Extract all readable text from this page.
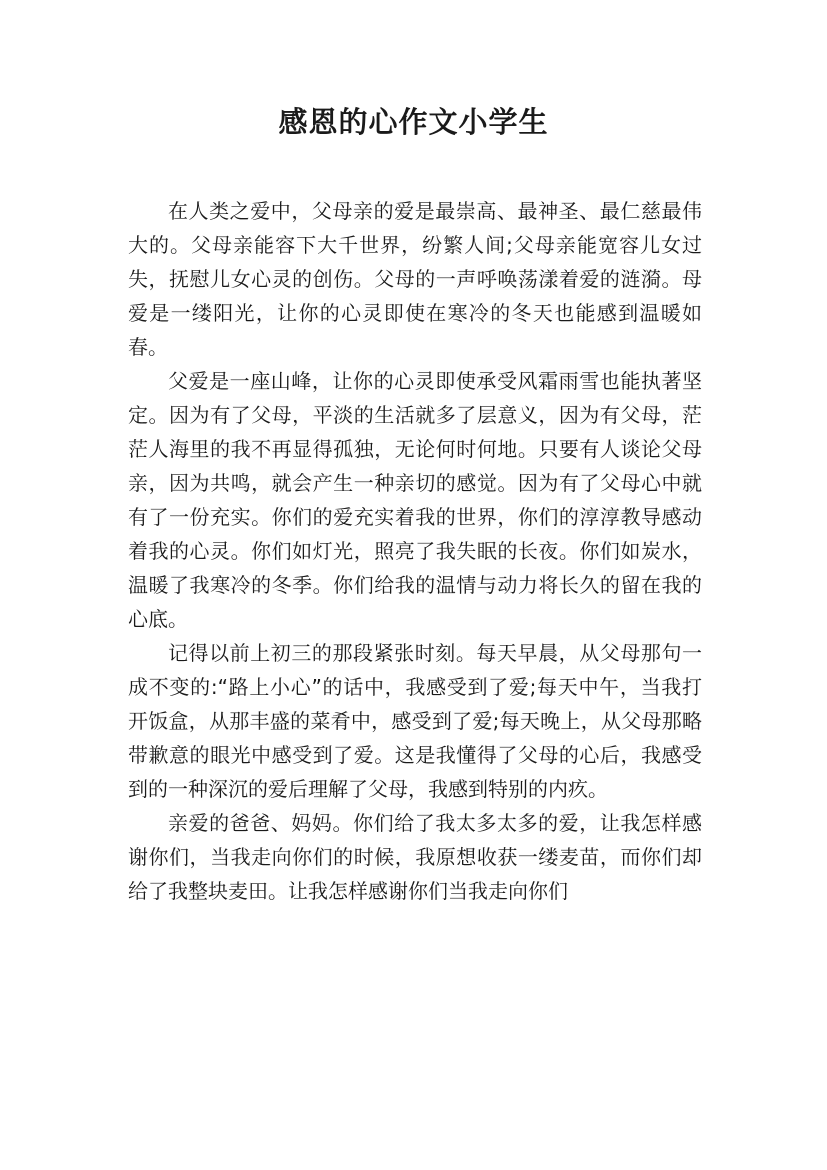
感恩的心作文小学生

在人类之爱中，父母亲的爱是最崇高、最神圣、最仁慈最伟大的。父母亲能容下大千世界，纷繁人间;父母亲能宽容儿女过失，抚慰儿女心灵的创伤。父母的一声呼唤荡漾着爱的涟漪。母爱是一缕阳光，让你的心灵即使在寒冷的冬天也能感到温暖如春。

父爱是一座山峰，让你的心灵即使承受风霜雨雪也能执著坚定。因为有了父母，平淡的生活就多了层意义，因为有父母，茫茫人海里的我不再显得孤独，无论何时何地。只要有人谈论父母亲，因为共鸣，就会产生一种亲切的感觉。因为有了父母心中就有了一份充实。你们的爱充实着我的世界，你们的淳淳教导感动着我的心灵。你们如灯光，照亮了我失眠的长夜。你们如炭水，温暖了我寒冷的冬季。你们给我的温情与动力将长久的留在我的心底。

记得以前上初三的那段紧张时刻。每天早晨，从父母那句一成不变的:“路上小心”的话中，我感受到了爱;每天中午，当我打开饭盒，从那丰盛的菜肴中，感受到了爱;每天晚上，从父母那略带歉意的眼光中感受到了爱。这是我懂得了父母的心后，我感受到的一种深沉的爱后理解了父母，我感到特别的内疚。

亲爱的爸爸、妈妈。你们给了我太多太多的爱，让我怎样感谢你们，当我走向你们的时候，我原想收获一缕麦苗，而你们却给了我整块麦田。让我怎样感谢你们当我走向你们
